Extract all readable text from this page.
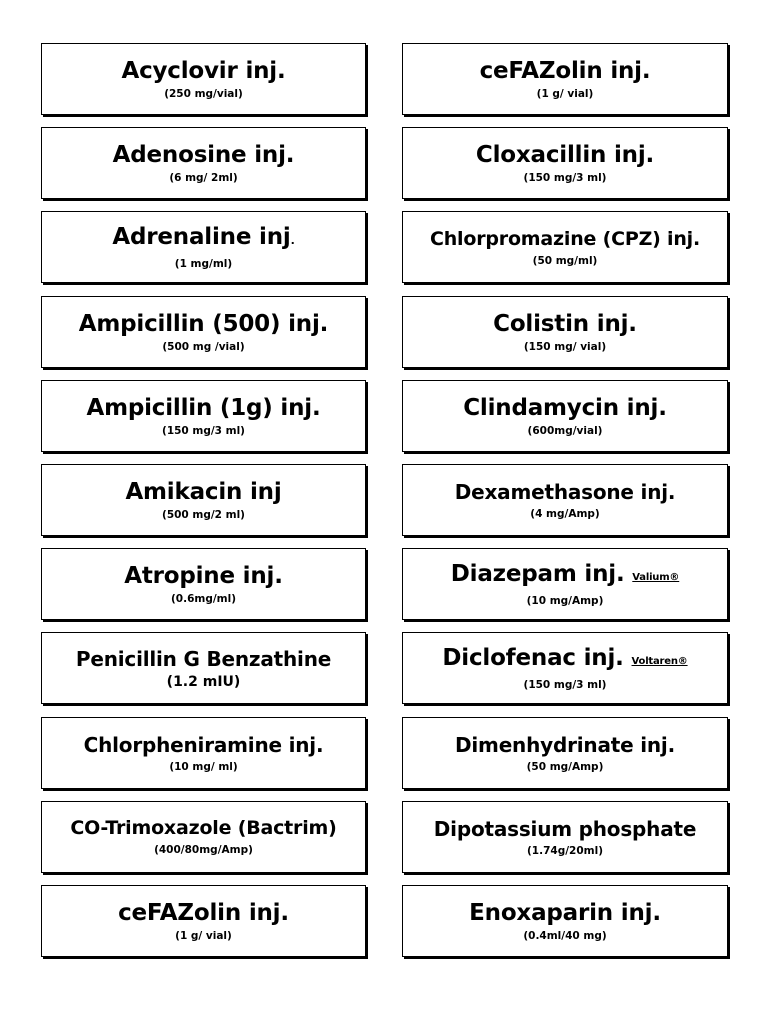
Acyclovir inj.
(250 mg/vial)
Adenosine inj.
(6 mg/ 2ml)
Adrenaline inj.
(1 mg/ml)
Ampicillin (500) inj.
(500 mg /vial)
Ampicillin (1g) inj.
(150 mg/3 ml)
Amikacin inj
(500 mg/2 ml)
Atropine inj.
(0.6mg/ml)
Penicillin G Benzathine
(1.2 mIU)
Chlorpheniramine inj.
(10 mg/ ml)
CO-Trimoxazole (Bactrim)
(400/80mg/Amp)
ceFAZolin inj.
(1 g/ vial)
ceFAZolin inj.
(1 g/ vial)
Cloxacillin inj.
(150 mg/3 ml)
Chlorpromazine (CPZ) inj.
(50 mg/ml)
Colistin inj.
(150 mg/ vial)
Clindamycin inj.
(600mg/vial)
Dexamethasone inj.
(4 mg/Amp)
Diazepam inj. Valium®
(10 mg/Amp)
Diclofenac inj. Voltaren®
(150 mg/3 ml)
Dimenhydrinate inj.
(50 mg/Amp)
Dipotassium phosphate
(1.74g/20ml)
Enoxaparin inj.
(0.4ml/40 mg)
